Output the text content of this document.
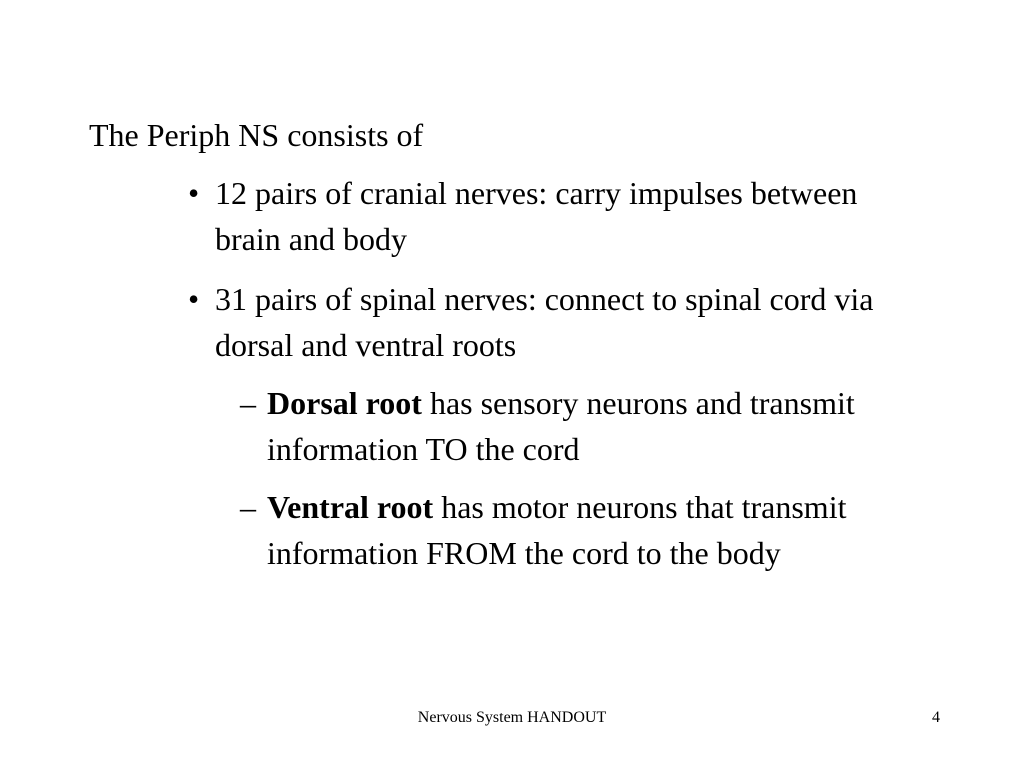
The Periph NS consists of

• 12 pairs of cranial nerves: carry impulses between brain and body
• 31 pairs of spinal nerves: connect to spinal cord via dorsal and ventral roots
– Dorsal root has sensory neurons and transmit information TO the cord
– Ventral root has motor neurons that transmit information FROM the cord to the body
Nervous System HANDOUT	4
